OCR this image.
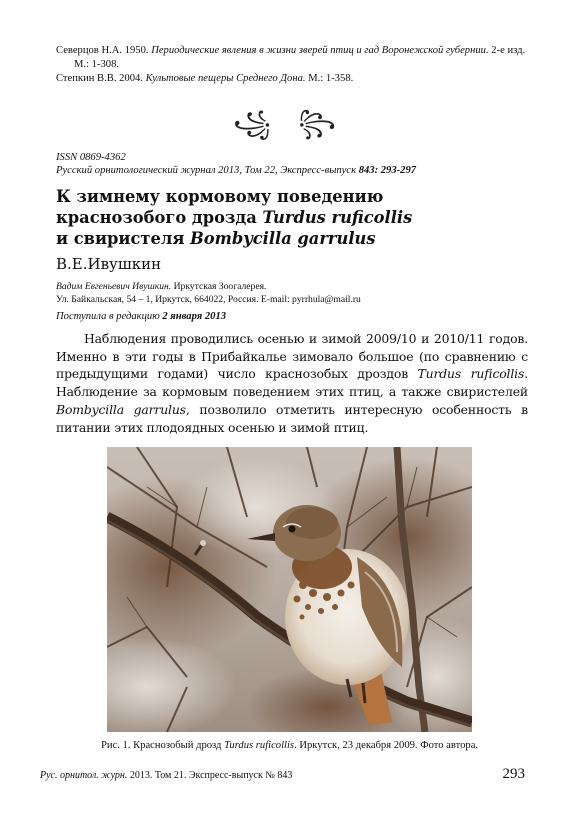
Северцов Н.А. 1950. Периодические явления в жизни зверей птиц и гад Воронежской губернии. 2-е изд. М.: 1-308.

Степкин В.В. 2004. Культовые пещеры Среднего Дона. М.: 1-358.

꧁ ꧂
ISSN 0869-4362
Русский орнитологический журнал 2013, Том 22, Экспресс-выпуск 843: 293-297
К зимнему кормовому поведению
краснозобого дрозда Turdus ruficollis
и свиристеля Bombycilla garrulus
В.Е.Ивушкин
Вадим Евгеньевич Ивушкин. Иркутская Зоогалерея.
Ул. Байкальская, 54 – 1, Иркутск, 664022, Россия. E-mail: pyrrhula@mail.ru
Поступила в редакцию 2 января 2013

Наблюдения проводились осенью и зимой 2009/10 и 2010/11 годов. Именно в эти годы в Прибайкалье зимовало большое (по сравнению с предыдущими годами) число краснозобых дроздов Turdus ruficollis. Наблюдение за кормовым поведением этих птиц, а также свиристелей Bombycilla garrulus, позволило отметить интересную особенность в питании этих плодоядных осенью и зимой птиц.

Рис. 1. Краснозобый дрозд Turdus ruficollis. Иркутск, 23 декабря 2009. Фото автора.
Рус. орнитол. журн. 2013. Том 21. Экспресс-выпуск № 843	293
